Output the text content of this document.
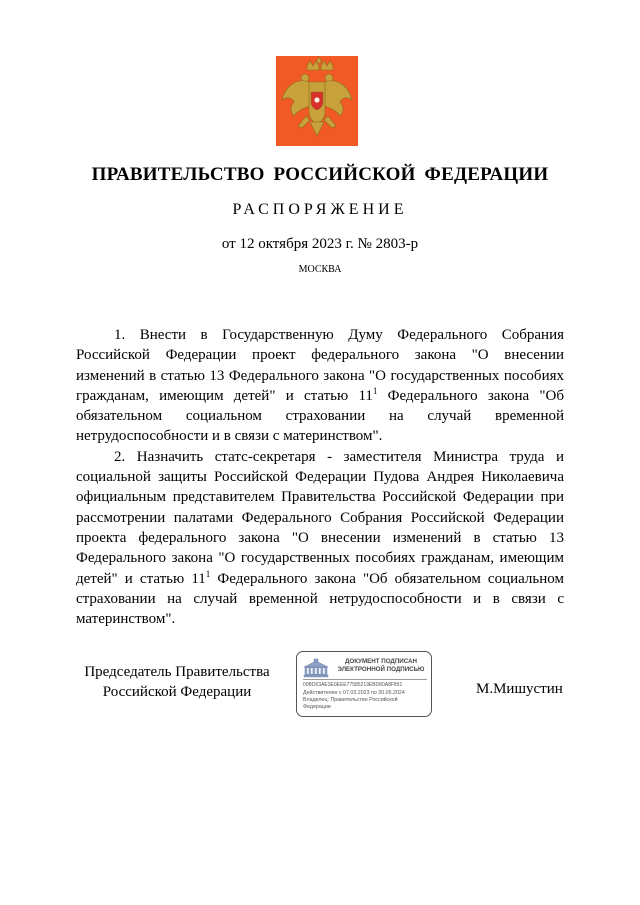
ПРАВИТЕЛЬСТВО РОССИЙСКОЙ ФЕДЕРАЦИИ
РАСПОРЯЖЕНИЕ
от 12 октября 2023 г. № 2803-р
МОСКВА

1. Внести в Государственную Думу Федерального Собрания Российской Федерации проект федерального закона "О внесении изменений в статью 13 Федерального закона "О государственных пособиях гражданам, имеющим детей" и статью $11^1$ Федерального закона "Об обязательном социальном страховании на случай временной нетрудоспособности и в связи с материнством".

2. Назначить статс-секретаря - заместителя Министра труда и социальной защиты Российской Федерации Пудова Андрея Николаевича официальным представителем Правительства Российской Федерации при рассмотрении палатами Федерального Собрания Российской Федерации проекта федерального закона "О внесении изменений в статью 13 Федерального закона "О государственных пособиях гражданам, имеющим детей" и статью $11^1$ Федерального закона "Об обязательном социальном страховании на случай временной нетрудоспособности и в связи с материнством".

Председатель Правительства
Российской Федерации
ДОКУМЕНТ ПОДПИСАН
ЭЛЕКТРОННОЙ ПОДПИСЬЮ
00BD63AE3E0EEE77585219EBD80A8F891
Действителен с 07.03.2023 по 30.05.2024
Владелец: Правительство Российской Федерации
М.Мишустин
